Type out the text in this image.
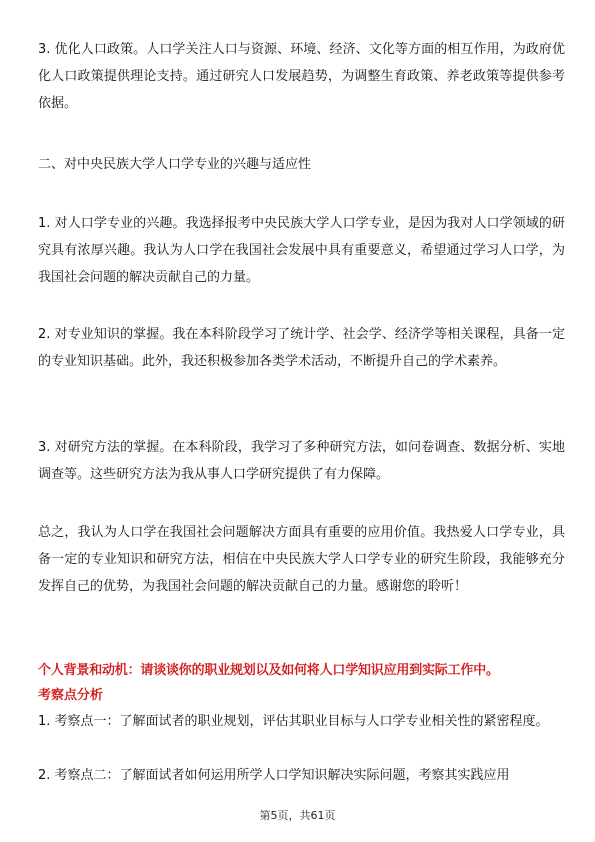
3. 优化人口政策。人口学关注人口与资源、环境、经济、文化等方面的相互作用，为政府优化人口政策提供理论支持。通过研究人口发展趋势，为调整生育政策、养老政策等提供参考依据。

二、对中央民族大学人口学专业的兴趣与适应性

1. 对人口学专业的兴趣。我选择报考中央民族大学人口学专业，是因为我对人口学领域的研究具有浓厚兴趣。我认为人口学在我国社会发展中具有重要意义，希望通过学习人口学，为我国社会问题的解决贡献自己的力量。

2. 对专业知识的掌握。我在本科阶段学习了统计学、社会学、经济学等相关课程，具备一定的专业知识基础。此外，我还积极参加各类学术活动，不断提升自己的学术素养。

3. 对研究方法的掌握。在本科阶段，我学习了多种研究方法，如问卷调查、数据分析、实地调查等。这些研究方法为我从事人口学研究提供了有力保障。

总之，我认为人口学在我国社会问题解决方面具有重要的应用价值。我热爱人口学专业，具备一定的专业知识和研究方法，相信在中央民族大学人口学专业的研究生阶段，我能够充分发挥自己的优势，为我国社会问题的解决贡献自己的力量。感谢您的聆听！

个人背景和动机：请谈谈你的职业规划以及如何将人口学知识应用到实际工作中。

考察点分析

1. 考察点一：了解面试者的职业规划，评估其职业目标与人口学专业相关性的紧密程度。

2. 考察点二：了解面试者如何运用所学人口学知识解决实际问题，考察其实践应用

第5页，共61页
